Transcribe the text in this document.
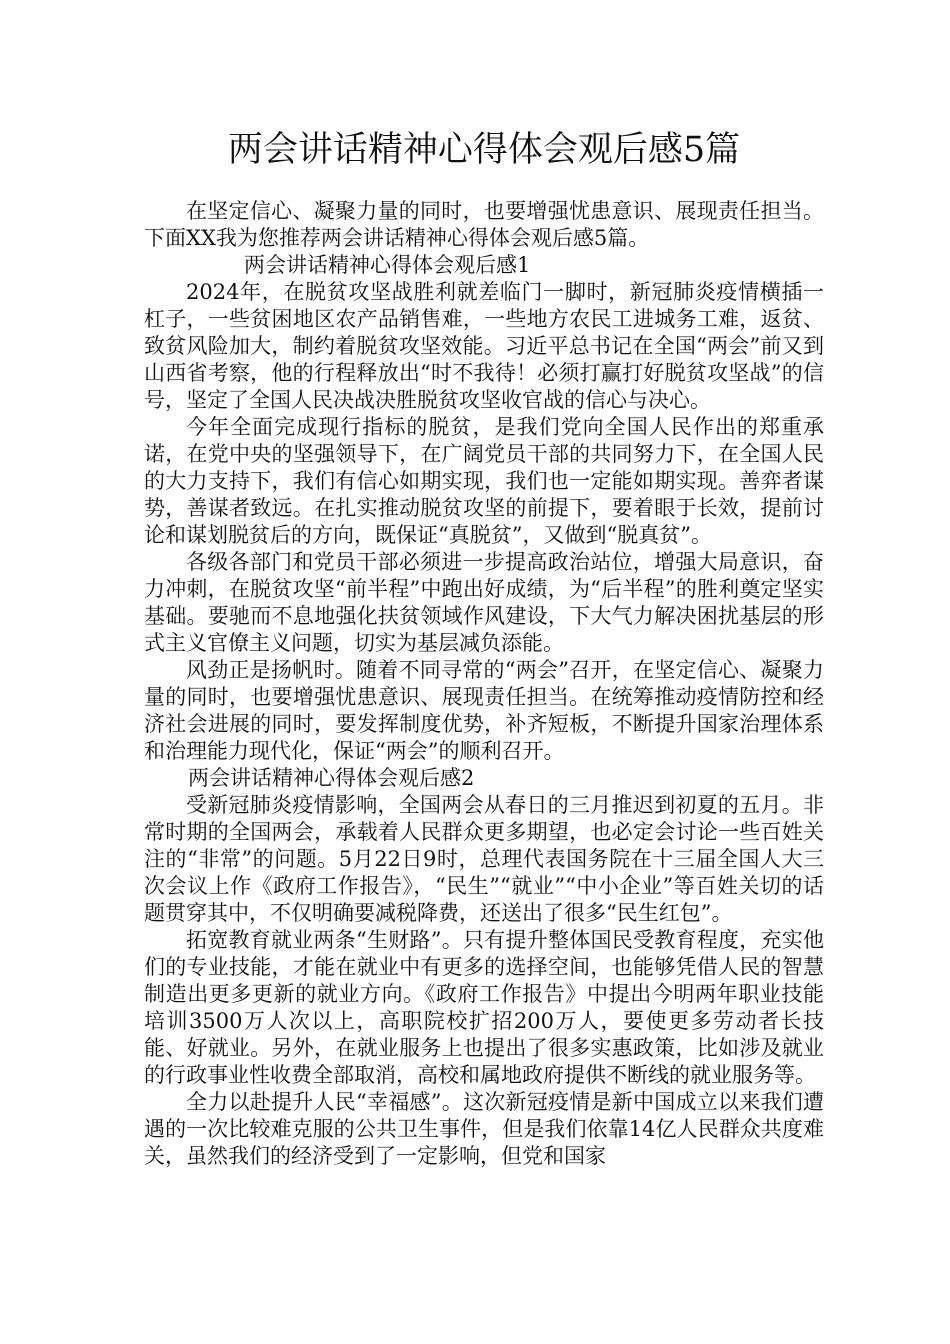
两会讲话精神心得体会观后感5篇

在坚定信心、凝聚力量的同时，也要增强忧患意识、展现责任担当。下面XX我为您推荐两会讲话精神心得体会观后感5篇。

两会讲话精神心得体会观后感1

2024年，在脱贫攻坚战胜利就差临门一脚时，新冠肺炎疫情横插一杠子，一些贫困地区农产品销售难，一些地方农民工进城务工难，返贫、致贫风险加大，制约着脱贫攻坚效能。习近平总书记在全国“两会”前又到山西省考察，他的行程释放出“时不我待！必须打赢打好脱贫攻坚战”的信号，坚定了全国人民决战决胜脱贫攻坚收官战的信心与决心。

今年全面完成现行指标的脱贫，是我们党向全国人民作出的郑重承诺，在党中央的坚强领导下，在广阔党员干部的共同努力下，在全国人民的大力支持下，我们有信心如期实现，我们也一定能如期实现。善弈者谋势，善谋者致远。在扎实推动脱贫攻坚的前提下，要着眼于长效，提前讨论和谋划脱贫后的方向，既保证“真脱贫”，又做到“脱真贫”。

各级各部门和党员干部必须进一步提高政治站位，增强大局意识，奋力冲刺，在脱贫攻坚“前半程”中跑出好成绩，为“后半程”的胜利奠定坚实基础。要驰而不息地强化扶贫领域作风建设，下大气力解决困扰基层的形式主义官僚主义问题，切实为基层减负添能。

风劲正是扬帆时。随着不同寻常的“两会”召开，在坚定信心、凝聚力量的同时，也要增强忧患意识、展现责任担当。在统筹推动疫情防控和经济社会进展的同时，要发挥制度优势，补齐短板，不断提升国家治理体系和治理能力现代化，保证“两会”的顺利召开。

两会讲话精神心得体会观后感2

受新冠肺炎疫情影响，全国两会从春日的三月推迟到初夏的五月。非常时期的全国两会，承载着人民群众更多期望，也必定会讨论一些百姓关注的“非常”的问题。5月22日9时，总理代表国务院在十三届全国人大三次会议上作《政府工作报告》，“民生”“就业”“中小企业”等百姓关切的话题贯穿其中，不仅明确要减税降费，还送出了很多“民生红包”。

拓宽教育就业两条“生财路”。只有提升整体国民受教育程度，充实他们的专业技能，才能在就业中有更多的选择空间，也能够凭借人民的智慧制造出更多更新的就业方向。《政府工作报告》中提出今明两年职业技能培训3500万人次以上，高职院校扩招200万人，要使更多劳动者长技能、好就业。另外，在就业服务上也提出了很多实惠政策，比如涉及就业的行政事业性收费全部取消，高校和属地政府提供不断线的就业服务等。

全力以赴提升人民“幸福感”。这次新冠疫情是新中国成立以来我们遭遇的一次比较难克服的公共卫生事件，但是我们依靠14亿人民群众共度难关，虽然我们的经济受到了一定影响，但党和国家
